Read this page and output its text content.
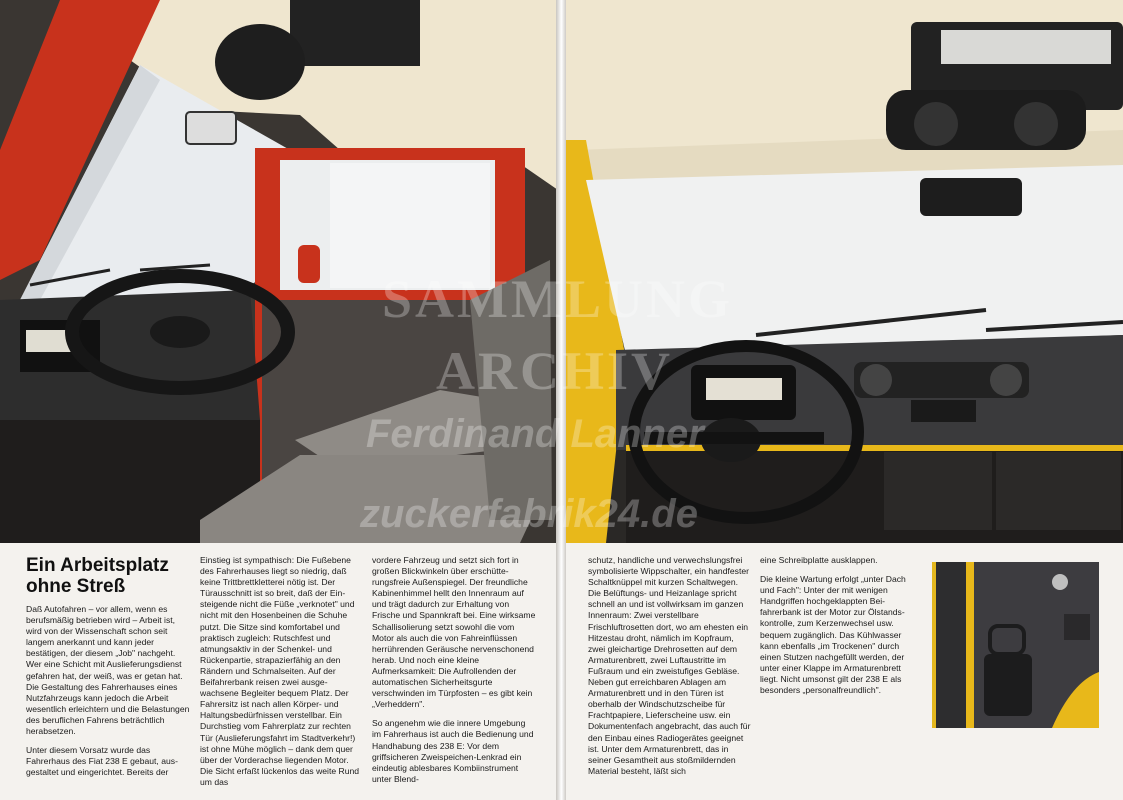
Ein Arbeitsplatz
ohne Streß

Daß Autofahren – vor allem, wenn es berufsmäßig betrieben wird – Arbeit ist, wird von der Wissenschaft schon seit langem anerkannt und kann jeder bestätigen, der diesem „Job" nachgeht. Wer eine Schicht mit Auslieferungsdienst gefahren hat, der weiß, was er getan hat. Die Gestaltung des Fahrerhauses eines Nutzfahrzeugs kann jedoch die Arbeit wesentlich erleichtern und die Belastungen des beruflichen Fahrens beträchtlich herabsetzen.

Unter diesem Vorsatz wurde das Fahrerhaus des Fiat 238 E gebaut, ausgestaltet und eingerichtet. Bereits der

Einstieg ist sympathisch: Die Fußebene des Fahrerhauses liegt so niedrig, daß keine Trittbrettkletterei nötig ist. Der Türausschnitt ist so breit, daß der Einsteigende nicht die Füße „verknotet" und nicht mit den Hosenbeinen die Schuhe putzt. Die Sitze sind komfortabel und praktisch zugleich: Rutschfest und atmungsaktiv in der Schenkel- und Rückenpartie, strapazierfähig an den Rändern und Schmalseiten. Auf der Beifahrerbank reisen zwei ausgewachsene Begleiter bequem Platz. Der Fahrersitz ist nach allen Körper- und Haltungsbedürfnissen verstellbar. Ein Durchstieg vom Fahrerplatz zur rechten Tür (Auslieferungsfahrt im Stadtverkehr!) ist ohne Mühe möglich – dank dem quer über der Vorderachse liegenden Motor. Die Sicht erfaßt lückenlos das weite Rund um das

vordere Fahrzeug und setzt sich fort in großen Blickwinkeln über erschütterungsfreie Außenspiegel. Der freundliche Kabinenhimmel hellt den Innenraum auf und trägt dadurch zur Erhaltung von Frische und Spannkraft bei. Eine wirksame Schallisolierung setzt sowohl die vom Motor als auch die von Fahreinflüssen herrührenden Geräusche nervenschonend herab. Und noch eine kleine Aufmerksamkeit: Die Aufrollenden der automatischen Sicherheitsgurte verschwinden im Türpfosten – es gibt kein „Verheddern".

So angenehm wie die innere Umgebung im Fahrerhaus ist auch die Bedienung und Handhabung des 238 E: Vor dem griffsicheren Zweispeichen-Lenkrad ein eindeutig ablesbares Kombiinstrument unter Blend-

schutz, handliche und verwechslungsfrei symbolisierte Wippschalter, ein handfester Schaltknüppel mit kurzen Schaltwegen. Die Belüftungs- und Heizanlage spricht schnell an und ist vollwirksam im ganzen Innenraum: Zwei verstellbare Frischluftrosetten dort, wo am ehesten ein Hitzestau droht, nämlich im Kopfraum, zwei gleichartige Drehrosetten auf dem Armaturenbrett, zwei Luftaustritte im Fußraum und ein zweistufiges Gebläse. Neben gut erreichbaren Ablagen am Armaturenbrett und in den Türen ist oberhalb der Windschutzscheibe für Frachtpapiere, Lieferscheine usw. ein Dokumentenfach angebracht, das auch für den Einbau eines Radiogerätes geeignet ist. Unter dem Armaturenbrett, das in seiner Gesamtheit aus stoßmildernden Material besteht, läßt sich

eine Schreibplatte ausklappen.

Die kleine Wartung erfolgt „unter Dach und Fach": Unter der mit wenigen Handgriffen hochgeklappten Beifahrerbank ist der Motor zur Ölstandskontrolle, zum Kerzenwechsel usw. bequem zugänglich. Das Kühlwasser kann ebenfalls „im Trockenen" durch einen Stutzen nachgefüllt werden, der unter einer Klappe im Armaturenbrett liegt. Nicht umsonst gilt der 238 E als besonders „personalfreundlich".

SAMMLUNG
ARCHIV
Ferdinand Lanner
zuckerfabrik24.de
